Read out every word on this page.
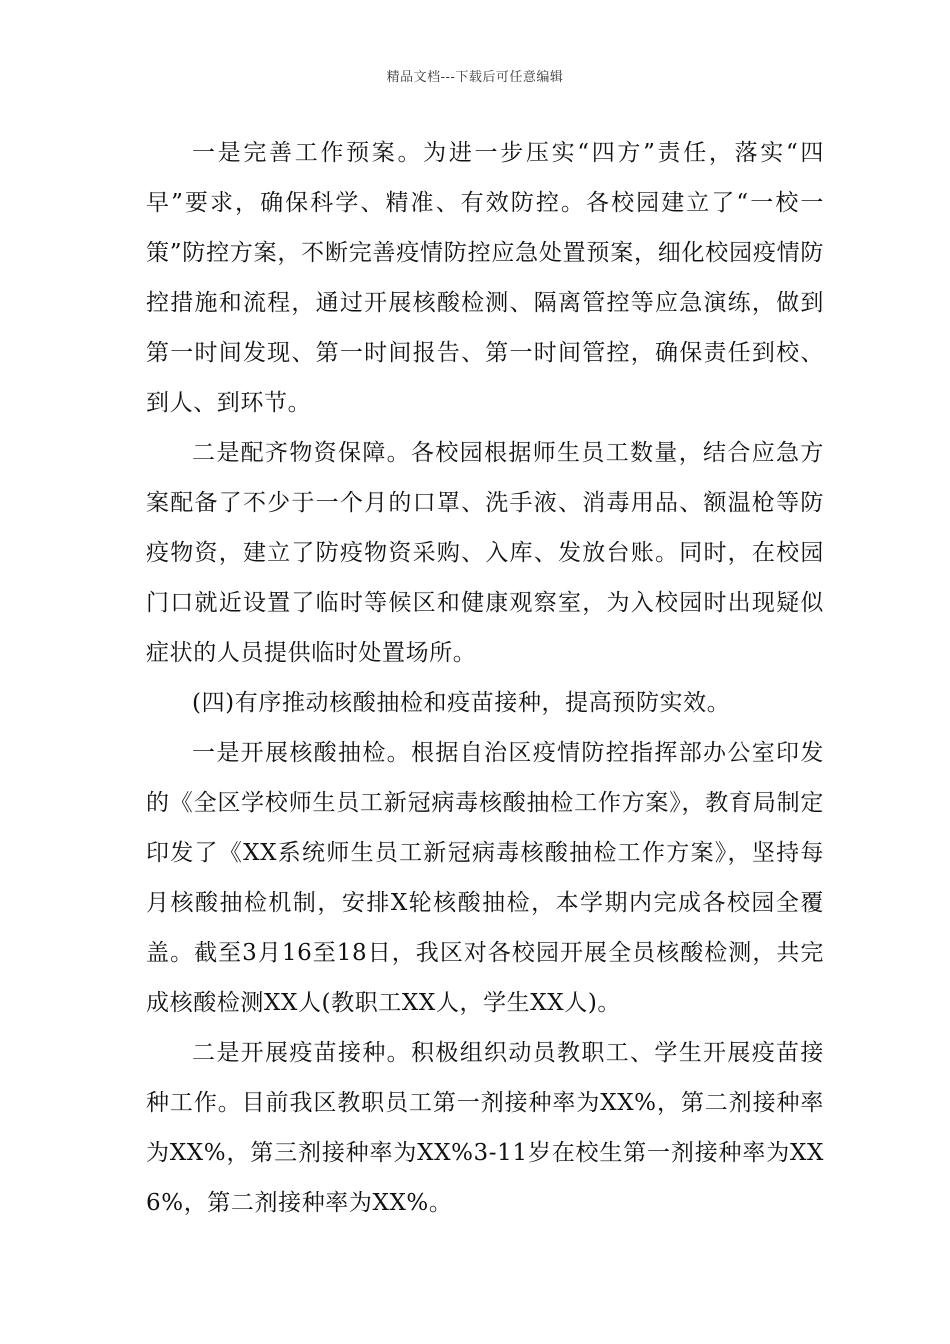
精品文档---下载后可任意编辑

一是完善工作预案。为进一步压实“四方”责任，落实“四早”要求，确保科学、精准、有效防控。各校园建立了“一校一策”防控方案，不断完善疫情防控应急处置预案，细化校园疫情防控措施和流程，通过开展核酸检测、隔离管控等应急演练，做到第一时间发现、第一时间报告、第一时间管控，确保责任到校、到人、到环节。

二是配齐物资保障。各校园根据师生员工数量，结合应急方案配备了不少于一个月的口罩、洗手液、消毒用品、额温枪等防疫物资，建立了防疫物资采购、入库、发放台账。同时，在校园门口就近设置了临时等候区和健康观察室，为入校园时出现疑似症状的人员提供临时处置场所。

(四)有序推动核酸抽检和疫苗接种，提高预防实效。

一是开展核酸抽检。根据自治区疫情防控指挥部办公室印发的《全区学校师生员工新冠病毒核酸抽检工作方案》，教育局制定印发了《XX系统师生员工新冠病毒核酸抽检工作方案》，坚持每月核酸抽检机制，安排X轮核酸抽检，本学期内完成各校园全覆盖。截至3月16至18日，我区对各校园开展全员核酸检测，共完成核酸检测XX人(教职工XX人，学生XX人)。

二是开展疫苗接种。积极组织动员教职工、学生开展疫苗接种工作。目前我区教职员工第一剂接种率为XX%，第二剂接种率为XX%，第三剂接种率为XX%3-11岁在校生第一剂接种率为XX6%，第二剂接种率为XX%。
